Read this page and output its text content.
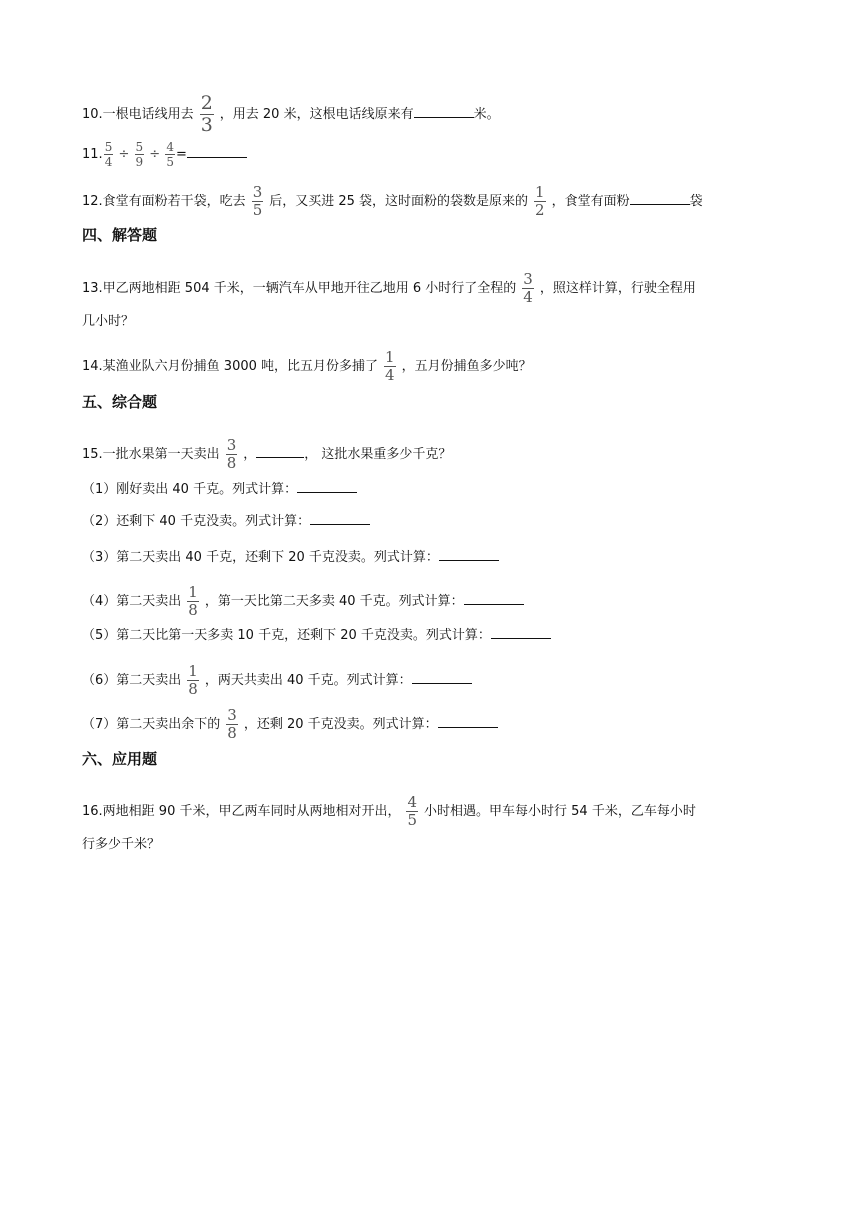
10.一根电话线用去 $\frac{2}{3}$ ，用去 20 米，这根电话线原来有	米。
11. $\frac{5}{4} \div \frac{5}{9} \div \frac{4}{5}$ =
12.食堂有面粉若干袋，吃去 $\frac{3}{5}$ 后，又买进 25 袋，这时面粉的袋数是原来的 $\frac{1}{2}$ ，食堂有面粉	袋
四、解答题
13.甲乙两地相距 504 千米，一辆汽车从甲地开往乙地用 6 小时行了全程的 $\frac{3}{4}$ ，照这样计算，行驶全程用
几小时？
14.某渔业队六月份捕鱼 3000 吨，比五月份多捕了 $\frac{1}{4}$ ，五月份捕鱼多少吨？
五、综合题
15.一批水果第一天卖出 $\frac{3}{8}$ ，	， 这批水果重多少千克？
（1）刚好卖出 40 千克。列式计算：
（2）还剩下 40 千克没卖。列式计算：
（3）第二天卖出 40 千克，还剩下 20 千克没卖。列式计算：
（4）第二天卖出 $\frac{1}{8}$ ，第一天比第二天多卖 40 千克。列式计算：
（5）第二天比第一天多卖 10 千克，还剩下 20 千克没卖。列式计算：
（6）第二天卖出 $\frac{1}{8}$ ，两天共卖出 40 千克。列式计算：
（7）第二天卖出余下的 $\frac{3}{8}$ ，还剩 20 千克没卖。列式计算：
六、应用题
16.两地相距 90 千米，甲乙两车同时从两地相对开出， $\frac{4}{5}$ 小时相遇。甲车每小时行 54 千米，乙车每小时
行多少千米？
